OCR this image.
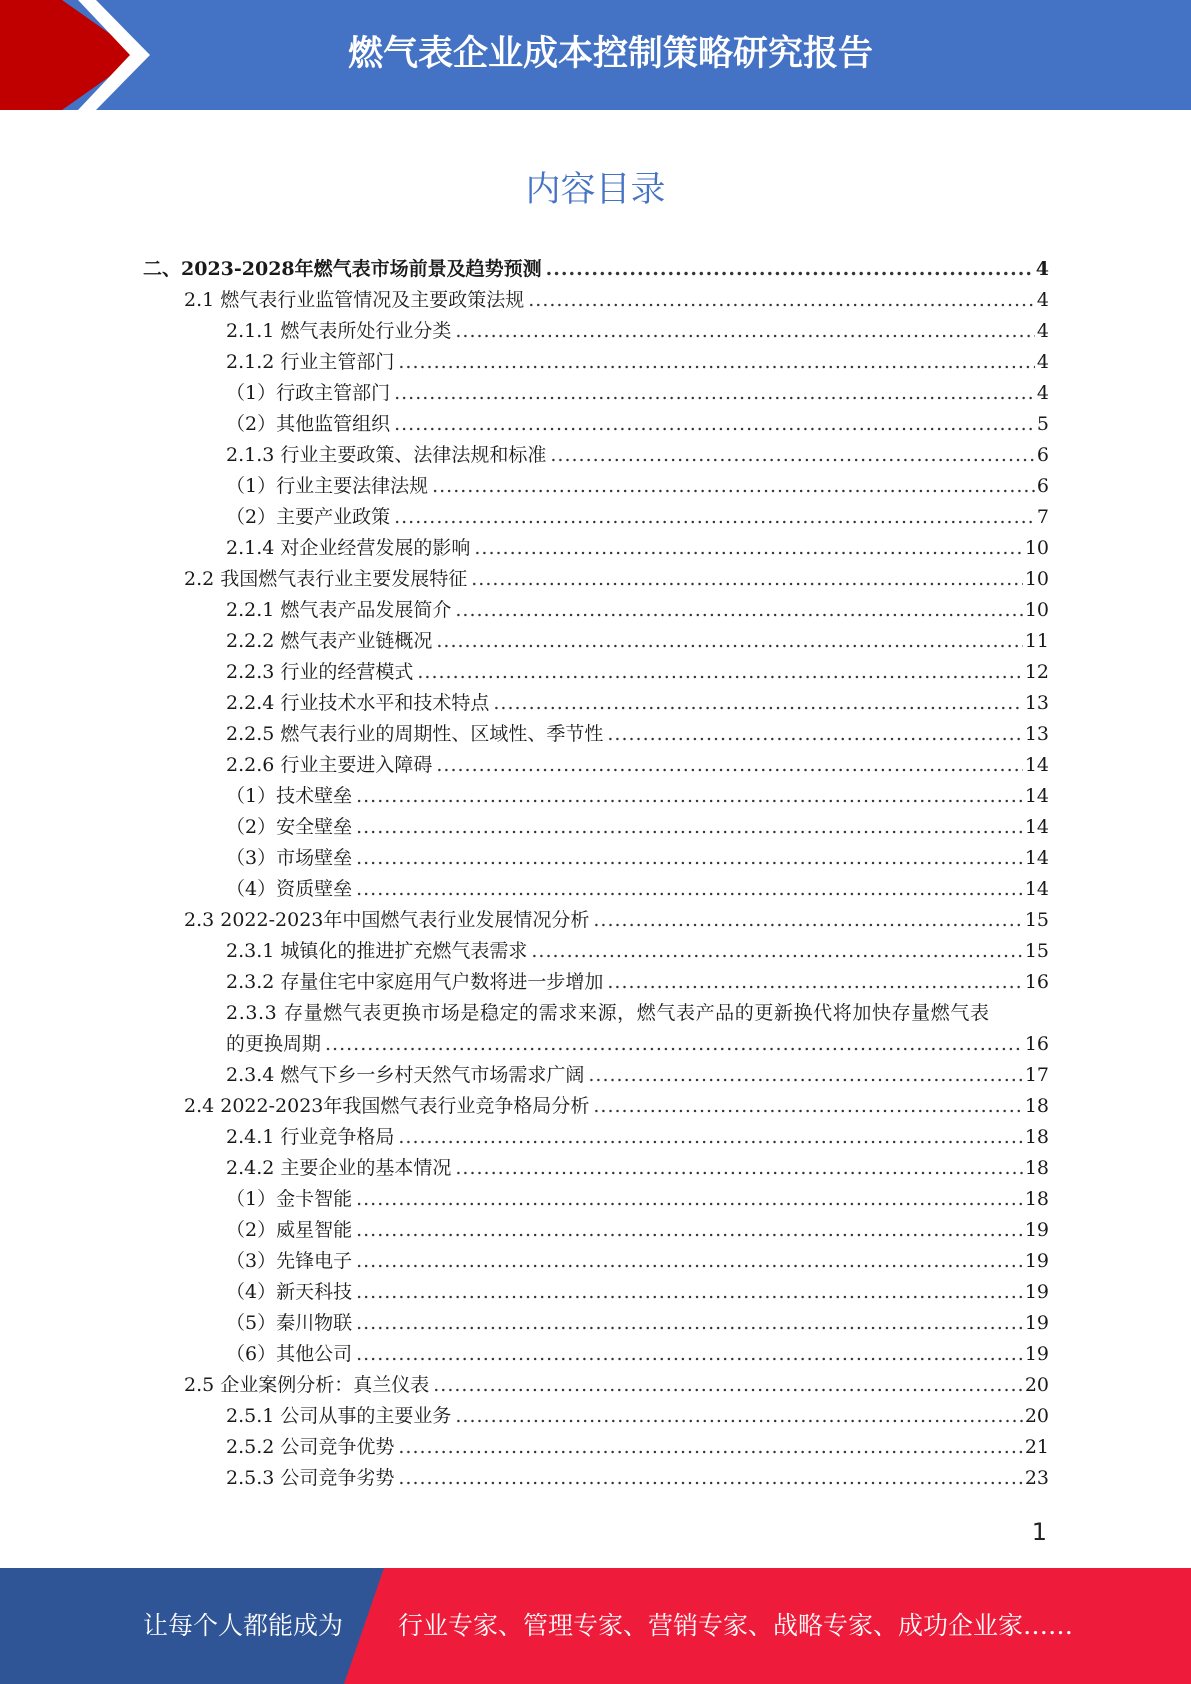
燃气表企业成本控制策略研究报告
内容目录
二、2023-2028年燃气表市场前景及趋势预测 .....	4
2.1 燃气表行业监管情况及主要政策法规 .....	4
2.1.1 燃气表所处行业分类 .....	4
2.1.2 行业主管部门 .....	4
（1）行政主管部门 .....	4
（2）其他监管组织 .....	5
2.1.3 行业主要政策、法律法规和标准 .....	6
（1）行业主要法律法规 .....	6
（2）主要产业政策 .....	7
2.1.4 对企业经营发展的影响 .....	10
2.2 我国燃气表行业主要发展特征 .....	10
2.2.1 燃气表产品发展简介 .....	10
2.2.2 燃气表产业链概况 .....	11
2.2.3 行业的经营模式 .....	12
2.2.4 行业技术水平和技术特点 .....	13
2.2.5 燃气表行业的周期性、区域性、季节性 .....	13
2.2.6 行业主要进入障碍 .....	14
（1）技术壁垒 .....	14
（2）安全壁垒 .....	14
（3）市场壁垒 .....	14
（4）资质壁垒 .....	14
2.3 2022-2023年中国燃气表行业发展情况分析 .....	15
2.3.1 城镇化的推进扩充燃气表需求 .....	15
2.3.2 存量住宅中家庭用气户数将进一步增加 .....	16
2.3.3 存量燃气表更换市场是稳定的需求来源，燃气表产品的更新换代将加快存量燃气表
的更换周期 .....	16
2.3.4 燃气下乡一乡村天然气市场需求广阔 .....	17
2.4 2022-2023年我国燃气表行业竞争格局分析 .....	18
2.4.1 行业竞争格局 .....	18
2.4.2 主要企业的基本情况 .....	18
（1）金卡智能 .....	18
（2）威星智能 .....	19
（3）先锋电子 .....	19
（4）新天科技 .....	19
（5）秦川物联 .....	19
（6）其他公司 .....	19
2.5 企业案例分析：真兰仪表 .....	20
2.5.1 公司从事的主要业务 .....	20
2.5.2 公司竞争优势 .....	21
2.5.3 公司竞争劣势 .....	23
1
让每个人都能成为 行业专家、管理专家、营销专家、战略专家、成功企业家……
